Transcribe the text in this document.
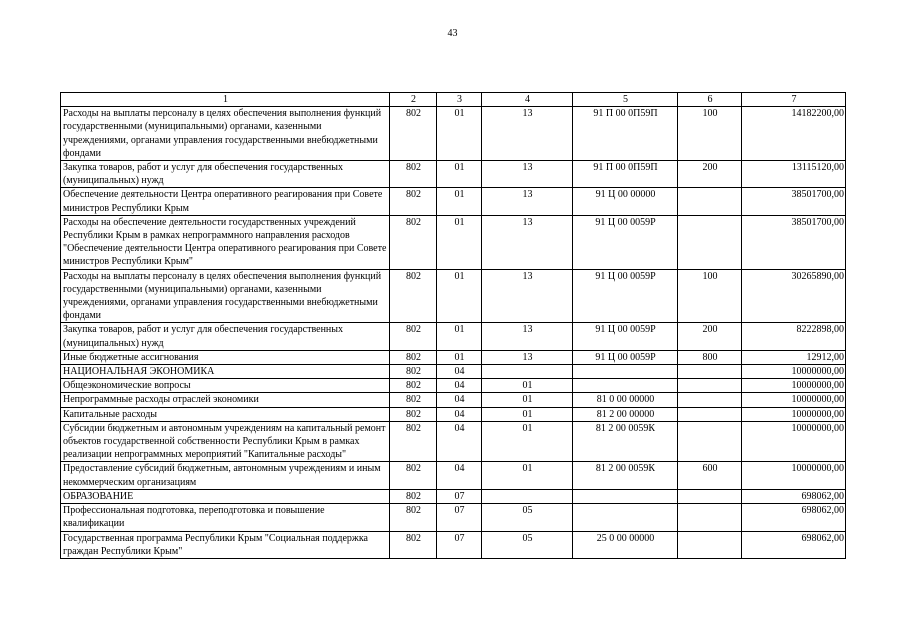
43
1	2	3	4	5	6	7
Расходы на выплаты персоналу в целях обеспечения выполнения функций государственными (муниципальными) органами, казенными учреждениями, органами управления государственными внебюджетными фондами	802	01	13	91 П 00 0П59П	100	14182200,00
Закупка товаров, работ и услуг для обеспечения государственных (муниципальных) нужд	802	01	13	91 П 00 0П59П	200	13115120,00
Обеспечение деятельности Центра оперативного реагирования при Совете министров Республики Крым	802	01	13	91 Ц 00 00000		38501700,00
Расходы на обеспечение деятельности государственных учреждений Республики Крым в рамках непрограммного направления расходов "Обеспечение деятельности Центра оперативного реагирования при Совете министров Республики Крым"	802	01	13	91 Ц 00 0059Р		38501700,00
Расходы на выплаты персоналу в целях обеспечения выполнения функций государственными (муниципальными) органами, казенными учреждениями, органами управления государственными внебюджетными фондами	802	01	13	91 Ц 00 0059Р	100	30265890,00
Закупка товаров, работ и услуг для обеспечения государственных (муниципальных) нужд	802	01	13	91 Ц 00 0059Р	200	8222898,00
Иные бюджетные ассигнования	802	01	13	91 Ц 00 0059Р	800	12912,00
НАЦИОНАЛЬНАЯ ЭКОНОМИКА	802	04				10000000,00
Общеэкономические вопросы	802	04	01			10000000,00
Непрограммные расходы отраслей экономики	802	04	01	81 0 00 00000		10000000,00
Капитальные расходы	802	04	01	81 2 00 00000		10000000,00
Субсидии бюджетным и автономным учреждениям на капитальный ремонт объектов государственной собственности Республики Крым в рамках реализации непрограммных мероприятий "Капитальные расходы"	802	04	01	81 2 00 0059К		10000000,00
Предоставление субсидий бюджетным, автономным учреждениям и иным некоммерческим организациям	802	04	01	81 2 00 0059К	600	10000000,00
ОБРАЗОВАНИЕ	802	07				698062,00
Профессиональная подготовка, переподготовка и повышение квалификации	802	07	05			698062,00
Государственная программа Республики Крым "Социальная поддержка граждан Республики Крым"	802	07	05	25 0 00 00000		698062,00
